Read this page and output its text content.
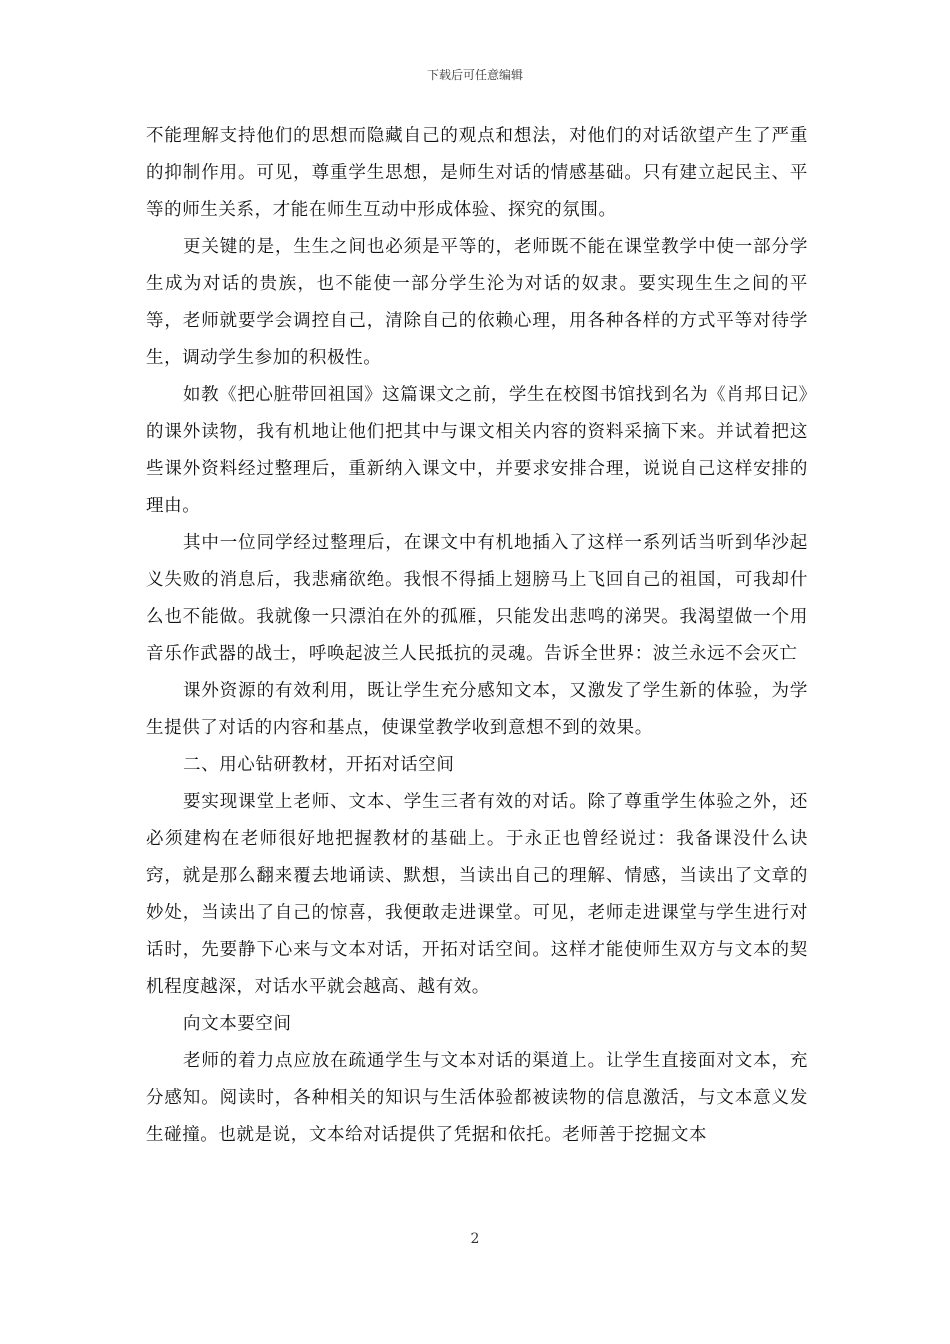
下载后可任意编辑

不能理解支持他们的思想而隐藏自己的观点和想法，对他们的对话欲望产生了严重的抑制作用。可见，尊重学生思想，是师生对话的情感基础。只有建立起民主、平等的师生关系，才能在师生互动中形成体验、探究的氛围。

更关键的是，生生之间也必须是平等的，老师既不能在课堂教学中使一部分学生成为对话的贵族，也不能使一部分学生沦为对话的奴隶。要实现生生之间的平等，老师就要学会调控自己，清除自己的依赖心理，用各种各样的方式平等对待学生，调动学生参加的积极性。

如教《把心脏带回祖国》这篇课文之前，学生在校图书馆找到名为《肖邦日记》的课外读物，我有机地让他们把其中与课文相关内容的资料采摘下来。并试着把这些课外资料经过整理后，重新纳入课文中，并要求安排合理，说说自己这样安排的理由。

其中一位同学经过整理后，在课文中有机地插入了这样一系列话当听到华沙起义失败的消息后，我悲痛欲绝。我恨不得插上翅膀马上飞回自己的祖国，可我却什么也不能做。我就像一只漂泊在外的孤雁，只能发出悲鸣的涕哭。我渴望做一个用音乐作武器的战士，呼唤起波兰人民抵抗的灵魂。告诉全世界：波兰永远不会灭亡

课外资源的有效利用，既让学生充分感知文本，又激发了学生新的体验，为学生提供了对话的内容和基点，使课堂教学收到意想不到的效果。

二、用心钻研教材，开拓对话空间

要实现课堂上老师、文本、学生三者有效的对话。除了尊重学生体验之外，还必须建构在老师很好地把握教材的基础上。于永正也曾经说过：我备课没什么诀窍，就是那么翻来覆去地诵读、默想，当读出自己的理解、情感，当读出了文章的妙处，当读出了自己的惊喜，我便敢走进课堂。可见，老师走进课堂与学生进行对话时，先要静下心来与文本对话，开拓对话空间。这样才能使师生双方与文本的契机程度越深，对话水平就会越高、越有效。

向文本要空间

老师的着力点应放在疏通学生与文本对话的渠道上。让学生直接面对文本，充分感知。阅读时，各种相关的知识与生活体验都被读物的信息激活，与文本意义发生碰撞。也就是说，文本给对话提供了凭据和依托。老师善于挖掘文本

2
